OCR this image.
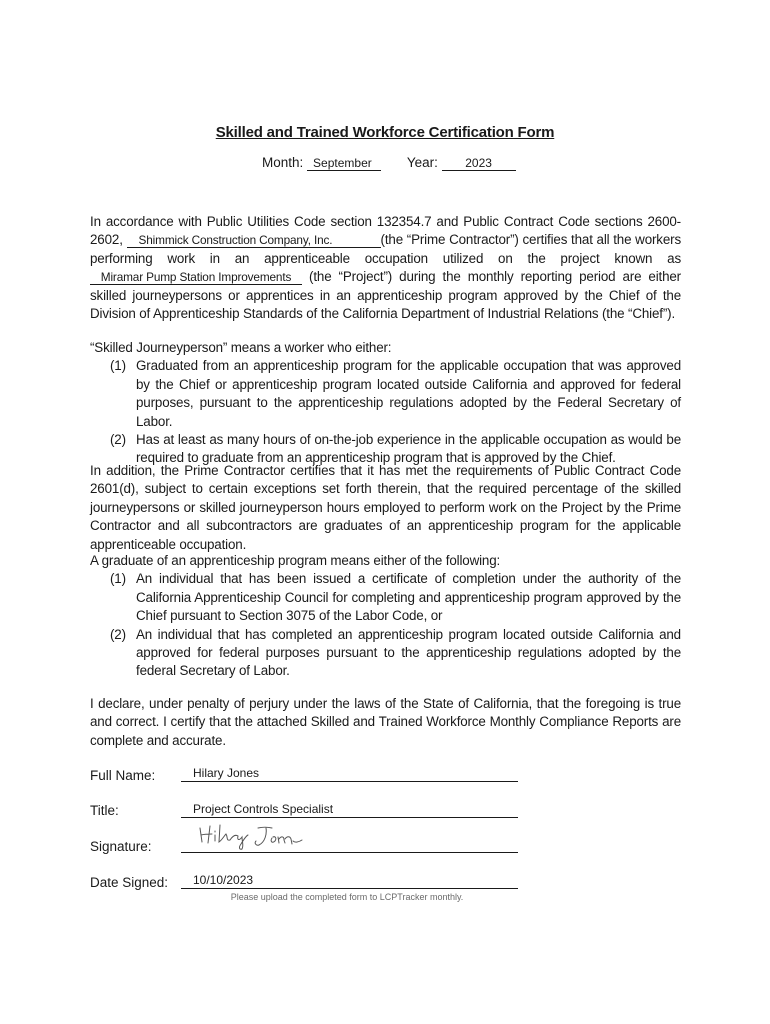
Skilled and Trained Workforce Certification Form
Month: September	Year: 2023
In accordance with Public Utilities Code section 132354.7 and Public Contract Code sections 2600-2602, Shimmick Construction Company, Inc.	(the “Prime Contractor”) certifies that all the workers performing work in an apprenticeable occupation utilized on the project known as Miramar Pump Station Improvements (the “Project”) during the monthly reporting period are either skilled journeypersons or apprentices in an apprenticeship program approved by the Chief of the Division of Apprenticeship Standards of the California Department of Industrial Relations (the “Chief”).
“Skilled Journeyperson” means a worker who either:
(1) Graduated from an apprenticeship program for the applicable occupation that was approved by the Chief or apprenticeship program located outside California and approved for federal purposes, pursuant to the apprenticeship regulations adopted by the Federal Secretary of Labor.
(2) Has at least as many hours of on-the-job experience in the applicable occupation as would be required to graduate from an apprenticeship program that is approved by the Chief.
In addition, the Prime Contractor certifies that it has met the requirements of Public Contract Code 2601(d), subject to certain exceptions set forth therein, that the required percentage of the skilled journeypersons or skilled journeyperson hours employed to perform work on the Project by the Prime Contractor and all subcontractors are graduates of an apprenticeship program for the applicable apprenticeable occupation.
A graduate of an apprenticeship program means either of the following:
(1) An individual that has been issued a certificate of completion under the authority of the California Apprenticeship Council for completing and apprenticeship program approved by the Chief pursuant to Section 3075 of the Labor Code, or
(2) An individual that has completed an apprenticeship program located outside California and approved for federal purposes pursuant to the apprenticeship regulations adopted by the federal Secretary of Labor.
I declare, under penalty of perjury under the laws of the State of California, that the foregoing is true and correct. I certify that the attached Skilled and Trained Workforce Monthly Compliance Reports are complete and accurate.
Full Name:	Hilary Jones
Title:	Project Controls Specialist
Signature:
Date Signed:	10/10/2023
Please upload the completed form to LCPTracker monthly.
